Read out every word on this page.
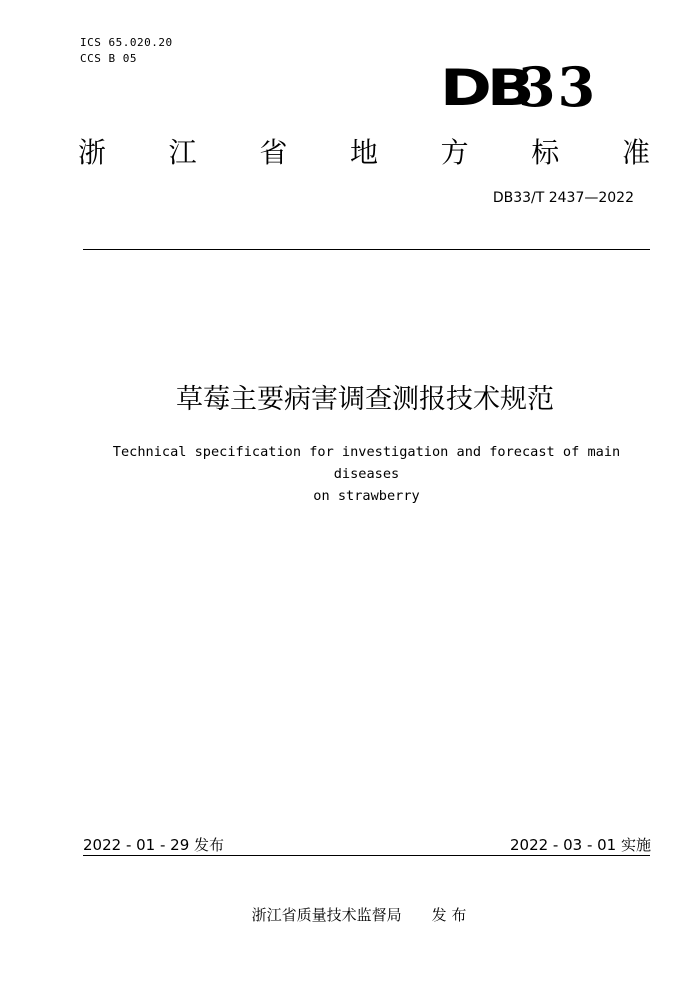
ICS 65.020.20
CCS B 05
DB
33
浙 江 省 地 方 标 准
DB33/T 2437—2022
草莓主要病害调查测报技术规范
Technical specification for investigation and forecast of main diseases
on strawberry
2022 - 01 - 29 发布	2022 - 03 - 01 实施
浙江省质量技术监督局 发 布
